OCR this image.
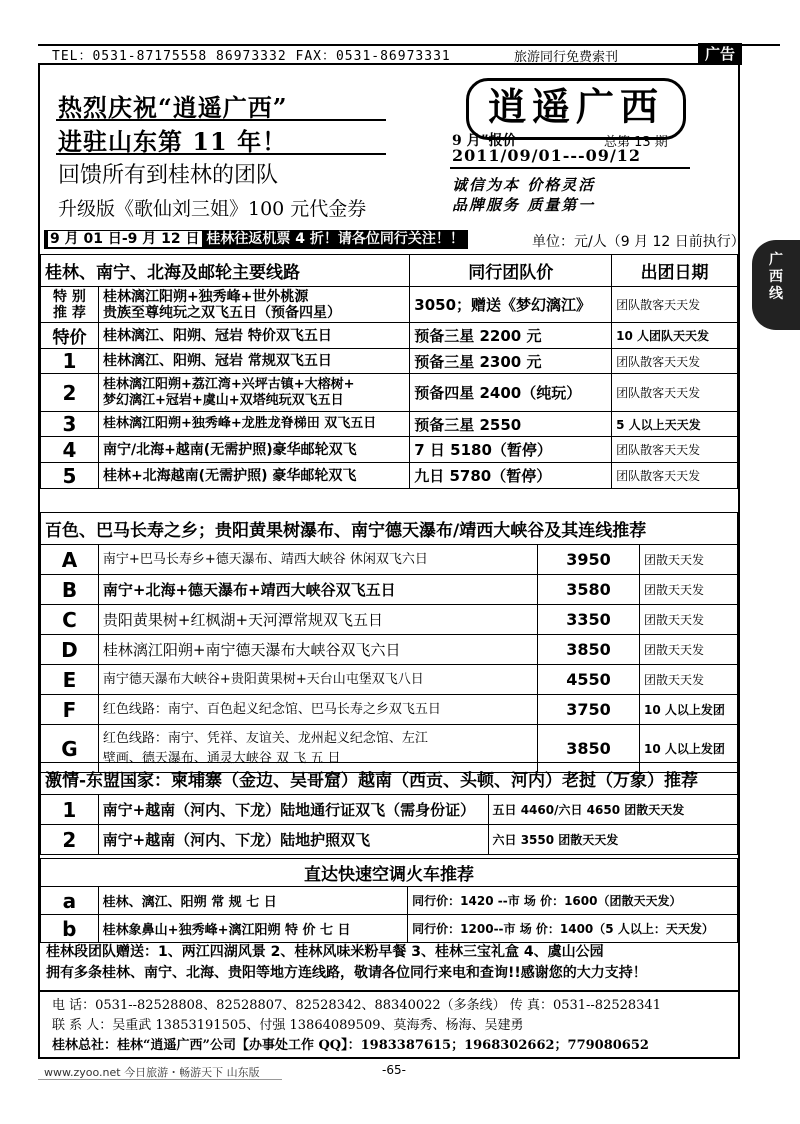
TEL：0531-87175558 86973332 FAX：0531-86973331	旅游同行免费索刊	广告
广西线
热烈庆祝“逍遥广西”
进驻山东第 11 年！
回馈所有到桂林的团队
升级版《歌仙刘三姐》100 元代金券
逍遥广西
9 月”报价	总第 13 期
2011/09/01---09/12
诚信为本 价格灵活
品牌服务 质量第一
9 月 01 日-9 月 12 日 桂林往返机票 4 折！请各位同行关注！！	单位：元/人（9 月 12 日前执行）
桂林、南宁、北海及邮轮主要线路		同行团队价	出团日期
特 别
推 荐	桂林漓江阳朔+独秀峰+世外桃源
贵族至尊纯玩之双飞五日（预备四星）	3050；赠送《梦幻漓江》	团队散客天天发
特价	桂林漓江、阳朔、冠岩 特价双飞五日	预备三星 2200 元	10 人团队天天发
1	桂林漓江、阳朔、冠岩 常规双飞五日	预备三星 2300 元	团队散客天天发
2	桂林漓江阳朔+荔江湾+兴坪古镇+大榕树+
梦幻漓江+冠岩+虞山+双塔纯玩双飞五日	预备四星 2400（纯玩）	团队散客天天发
3	桂林漓江阳朔+独秀峰+龙胜龙脊梯田 双飞五日	预备三星 2550	5 人以上天天发
4	南宁/北海+越南(无需护照)豪华邮轮双飞	7 日 5180（暂停）	团队散客天天发
5	桂林+北海越南(无需护照) 豪华邮轮双飞	九日 5780（暂停）	团队散客天天发
百色、巴马长寿之乡；贵阳黄果树瀑布、南宁德天瀑布/靖西大峡谷及其连线推荐			
A	南宁+巴马长寿乡+德天瀑布、靖西大峡谷 休闲双飞六日	3950	团散天天发
B	南宁+北海+德天瀑布+靖西大峡谷双飞五日	3580	团散天天发
C	贵阳黄果树+红枫湖+天河潭常规双飞五日	3350	团散天天发
D	桂林漓江阳朔+南宁德天瀑布大峡谷双飞六日	3850	团散天天发
E	南宁德天瀑布大峡谷+贵阳黄果树+天台山屯堡双飞八日	4550	团散天天发
F	红色线路：南宁、百色起义纪念馆、巴马长寿之乡双飞五日	3750	10 人以上发团
G	红色线路：南宁、凭祥、友谊关、龙州起义纪念馆、左江
壁画、德天瀑布、通灵大峡谷 双 飞 五 日	3850	10 人以上发团
激情-东盟国家：柬埔寨（金边、吴哥窟）越南（西贡、头顿、河内）老挝（万象）推荐		
1	南宁+越南（河内、下龙）陆地通行证双飞（需身份证）	五日 4460/六日 4650 团散天天发
2	南宁+越南（河内、下龙）陆地护照双飞	六日 3550 团散天天发
直达快速空调火车推荐		
a	桂林、漓江、阳朔 常 规 七 日	同行价：1420 --市 场 价：1600（团散天天发）
b	桂林象鼻山+独秀峰+漓江阳朔 特 价 七 日	同行价：1200--市 场 价：1400（5 人以上：天天发）
桂林段团队赠送：1、两江四湖风景 2、桂林风味米粉早餐 3、桂林三宝礼盒 4、虞山公园
拥有多条桂林、南宁、北海、贵阳等地方连线路，敬请各位同行来电和查询!!感谢您的大力支持！
电 话：0531--82528808、82528807、82528342、88340022（多条线） 传 真：0531--82528341
联 系 人：吴重武 13853191505、付强 13864089509、莫海秀、杨海、吴建勇
桂林总社：桂林“逍遥广西”公司【办事处工作 QQ】：1983387615；1968302662；779080652
www.zyoo.net 今日旅游・畅游天下 山东版	-65-
